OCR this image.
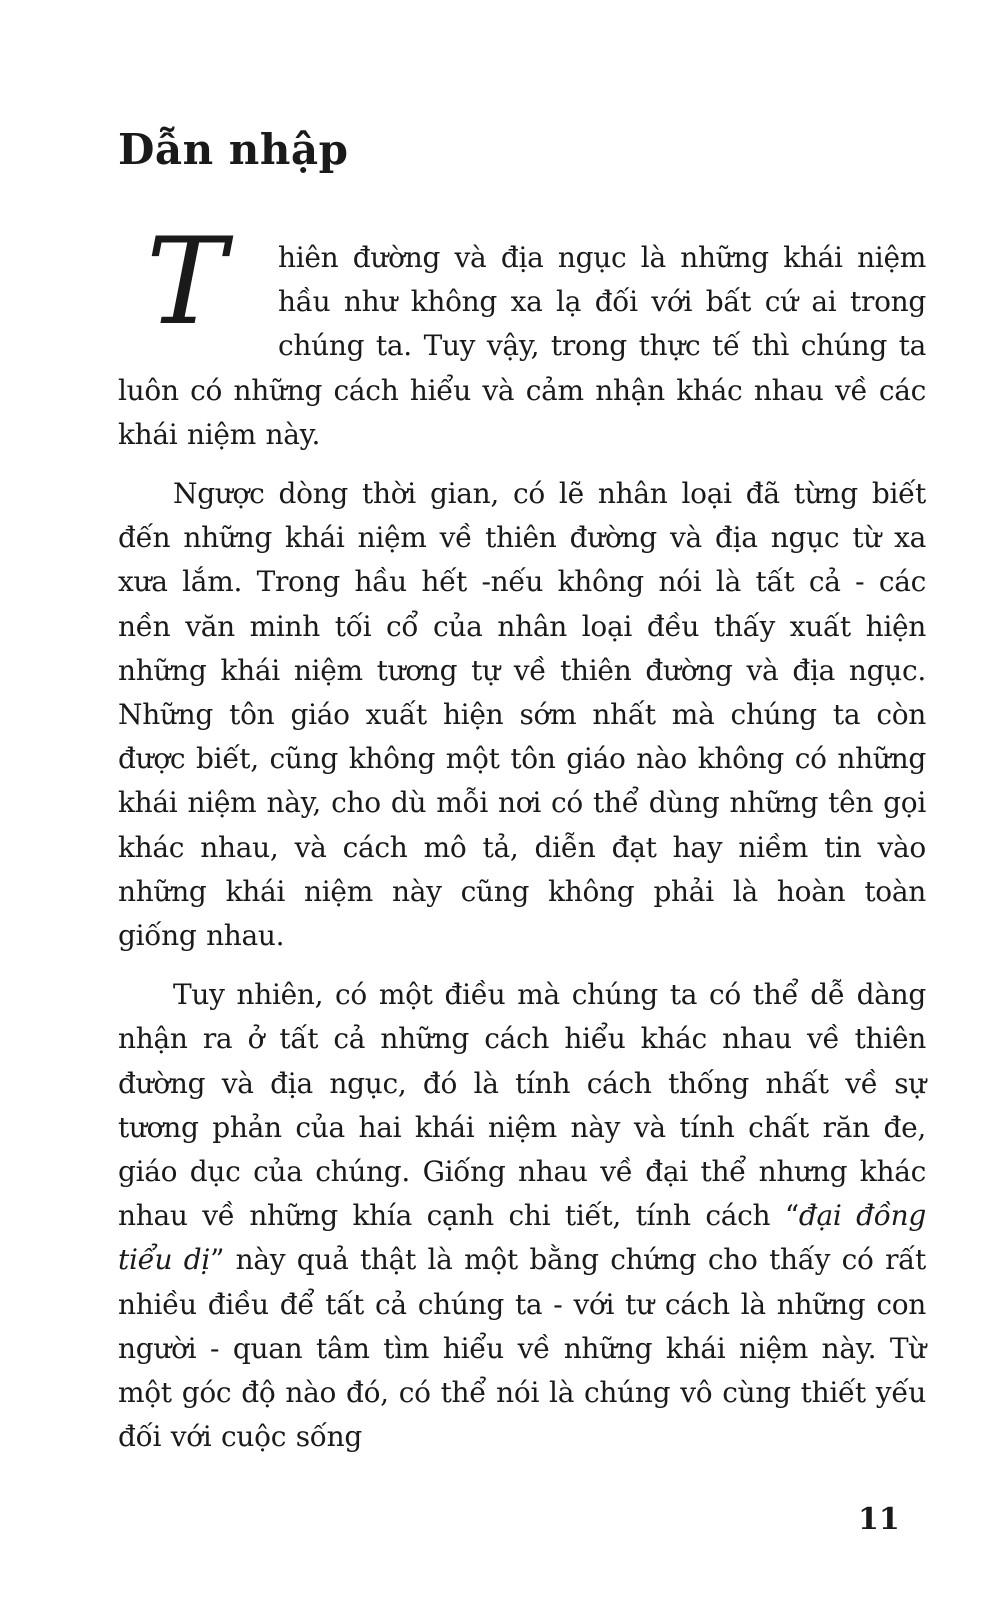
Dẫn nhập

T	hiên đường và địa ngục là những khái niệm hầu như không xa lạ đối với bất cứ ai trong chúng ta. Tuy vậy, trong thực tế thì chúng ta luôn có những cách hiểu và cảm nhận khác nhau về các khái niệm này.

Ngược dòng thời gian, có lẽ nhân loại đã từng biết đến những khái niệm về thiên đường và địa ngục từ xa xưa lắm. Trong hầu hết -nếu không nói là tất cả - các nền văn minh tối cổ của nhân loại đều thấy xuất hiện những khái niệm tương tự về thiên đường và địa ngục. Những tôn giáo xuất hiện sớm nhất mà chúng ta còn được biết, cũng không một tôn giáo nào không có những khái niệm này, cho dù mỗi nơi có thể dùng những tên gọi khác nhau, và cách mô tả, diễn đạt hay niềm tin vào những khái niệm này cũng không phải là hoàn toàn giống nhau.

Tuy nhiên, có một điều mà chúng ta có thể dễ dàng nhận ra ở tất cả những cách hiểu khác nhau về thiên đường và địa ngục, đó là tính cách thống nhất về sự tương phản của hai khái niệm này và tính chất răn đe, giáo dục của chúng. Giống nhau về đại thể nhưng khác nhau về những khía cạnh chi tiết, tính cách “đại đồng tiểu dị” này quả thật là một bằng chứng cho thấy có rất nhiều điều để tất cả chúng ta - với tư cách là những con người - quan tâm tìm hiểu về những khái niệm này. Từ một góc độ nào đó, có thể nói là chúng vô cùng thiết yếu đối với cuộc sống

11
